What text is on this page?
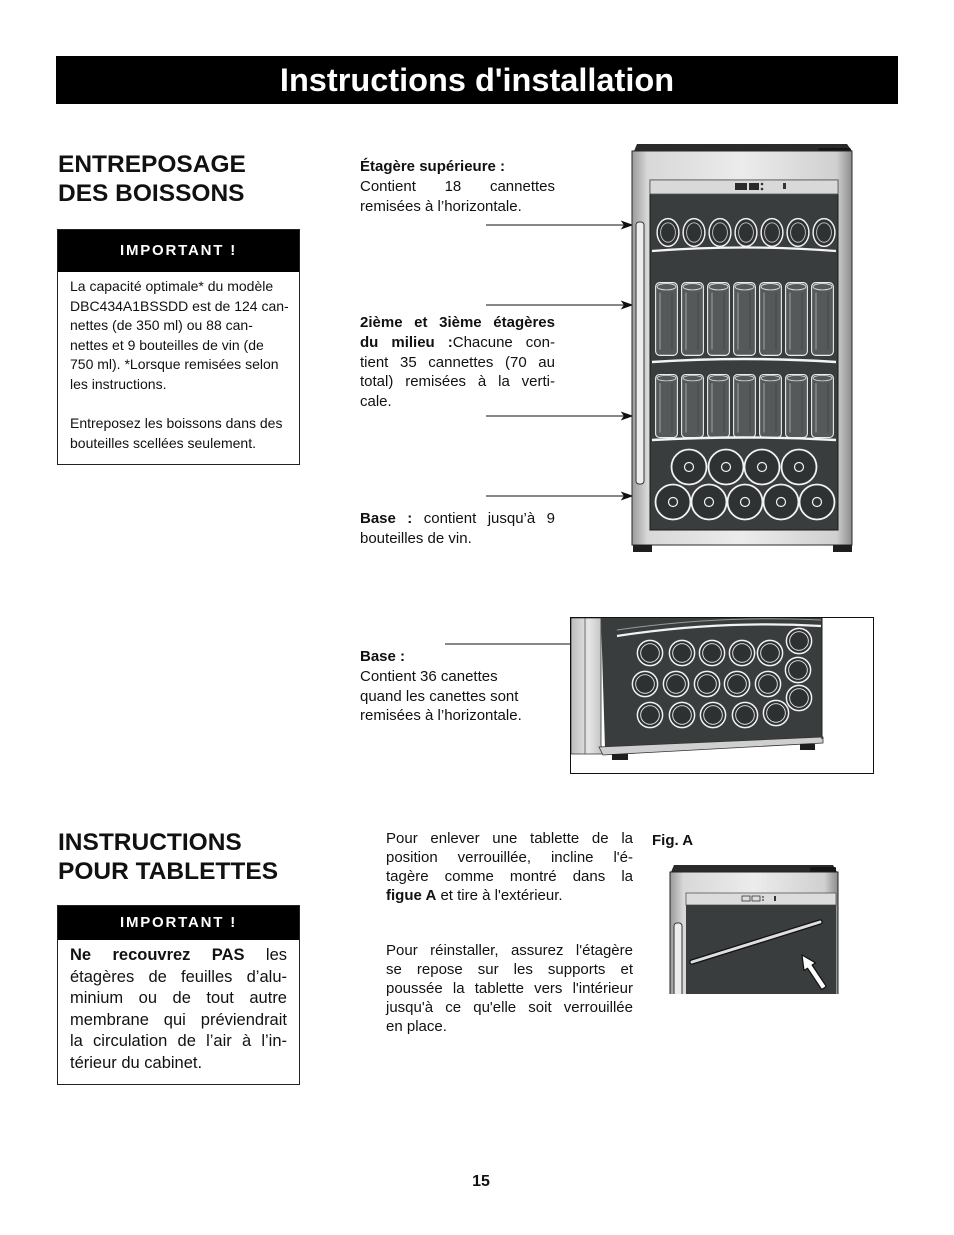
Instructions d'installation
ENTREPOSAGE
DES BOISSONS
IMPORTANT !
La capacité optimale* du modèle
DBC434A1BSSDD est de 124 can-
nettes (de 350 ml) ou 88 can-
nettes et 9 bouteilles de vin (de
750 ml). *Lorsque remisées selon
les instructions.
Entreposez les boissons dans des
bouteilles scellées seulement.
Étagère supérieure :
Contient 18 cannettes
remisées à l’horizontale.
2ième et 3ième étagères
du milieu :Chacune con-
tient 35 cannettes (70 au
total) remisées à la verti-
cale.
Base : contient jusqu’à 9
bouteilles de vin.
Base :
Contient 36 canettes
quand les canettes sont
remisées à l’horizontale.
INSTRUCTIONS
POUR TABLETTES
IMPORTANT !
Ne recouvrez PAS les
étagères de feuilles d’alu-
minium ou de tout autre
membrane qui préviendrait
la circulation de l’air à l’in-
térieur du cabinet.
Pour enlever une tablette de la
position verrouillée, incline l'é-
tagère comme montré dans la
figue A et tire à l'extérieur.
Pour réinstaller, assurez l'étagère
se repose sur les supports et
poussée la tablette vers l'intérieur
jusqu'à ce qu'elle soit verrouillée
en place.
Fig. A
15
